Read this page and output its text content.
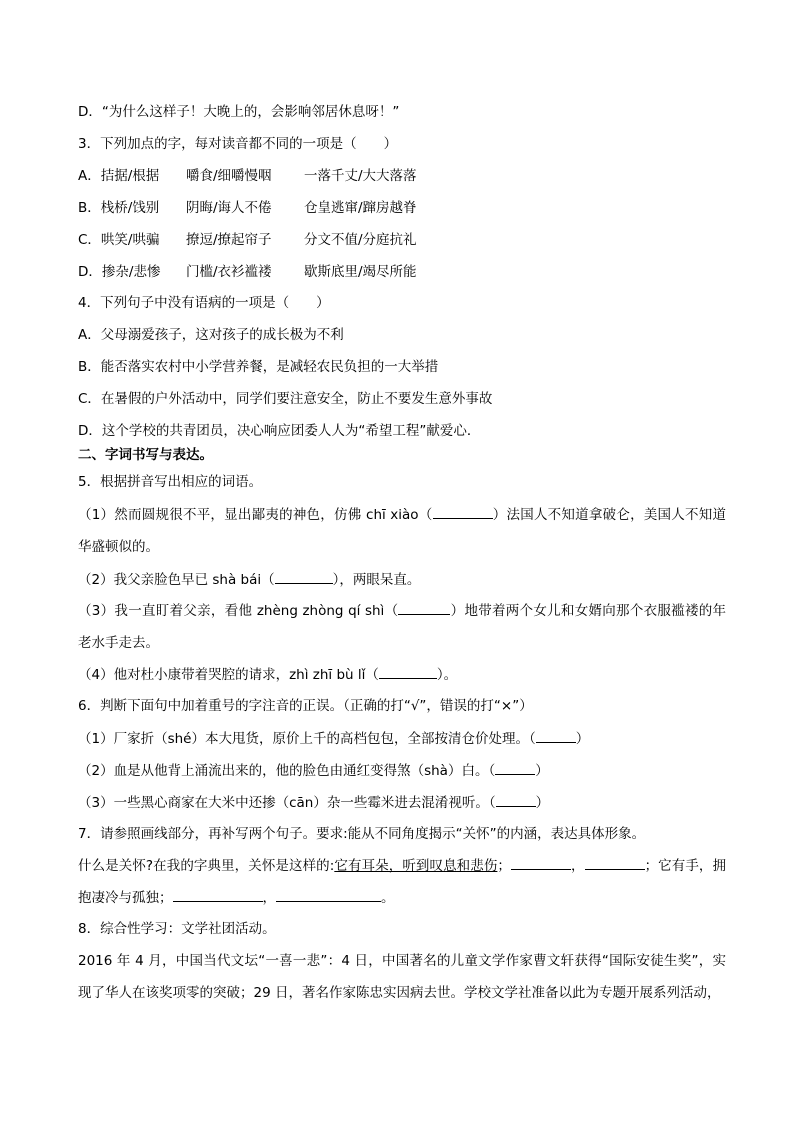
D．“为什么这样子！大晚上的，会影响邻居休息呀！”
3．下列加点的字，每对读音都不同的一项是（　　）
A．拮据/根据 嚼食/细嚼慢咽 一落千丈/大大落落
B．栈桥/饯别 阴晦/诲人不倦 仓皇逃窜/蹿房越脊
C．哄笑/哄骗 撩逗/撩起帘子 分文不值/分庭抗礼
D．掺杂/悲惨 门槛/衣衫褴褛 歇斯底里/竭尽所能
4．下列句子中没有语病的一项是（　　）
A．父母溺爱孩子，这对孩子的成长极为不利
B．能否落实农村中小学营养餐，是减轻农民负担的一大举措
C．在暑假的户外活动中，同学们要注意安全，防止不要发生意外事故
D．这个学校的共青团员，决心响应团委人人为“希望工程”献爱心．
二、字词书写与表达。
5．根据拼音写出相应的词语。
（1）然而圆规很不平，显出鄙夷的神色，仿佛 chī xiào（	）法国人不知道拿破仑，美国人不知道华盛顿似的。
（2）我父亲脸色早已 shà bái（	），两眼呆直。
（3）我一直盯着父亲，看他 zhèng zhòng qí shì（	）地带着两个女儿和女婿向那个衣服褴褛的年老水手走去。
（4）他对杜小康带着哭腔的请求，zhì zhī bù lǐ（	）。
6．判断下面句中加着重号的字注音的正误。（正确的打“√”，错误的打“×”）
（1）厂家折（shé）本大甩货，原价上千的高档包包，全部按清仓价处理。（	）
（2）血是从他背上涌流出来的，他的脸色由通红变得煞（shà）白。（	）
（3）一些黑心商家在大米中还掺（cān）杂一些霉米进去混淆视听。（	）
7．请参照画线部分，再补写两个句子。要求:能从不同角度揭示“关怀”的内涵，表达具体形象。
什么是关怀?在我的字典里，关怀是这样的:它有耳朵，听到叹息和悲伤；	，	；它有手，拥抱凄冷与孤独；	，	。
8．综合性学习：文学社团活动。
2016 年 4 月，中国当代文坛“一喜一悲”：4 日，中国著名的儿童文学作家曹文轩获得“国际安徒生奖”，实现了华人在该奖项零的突破；29 日，著名作家陈忠实因病去世。学校文学社准备以此为专题开展系列活动，
